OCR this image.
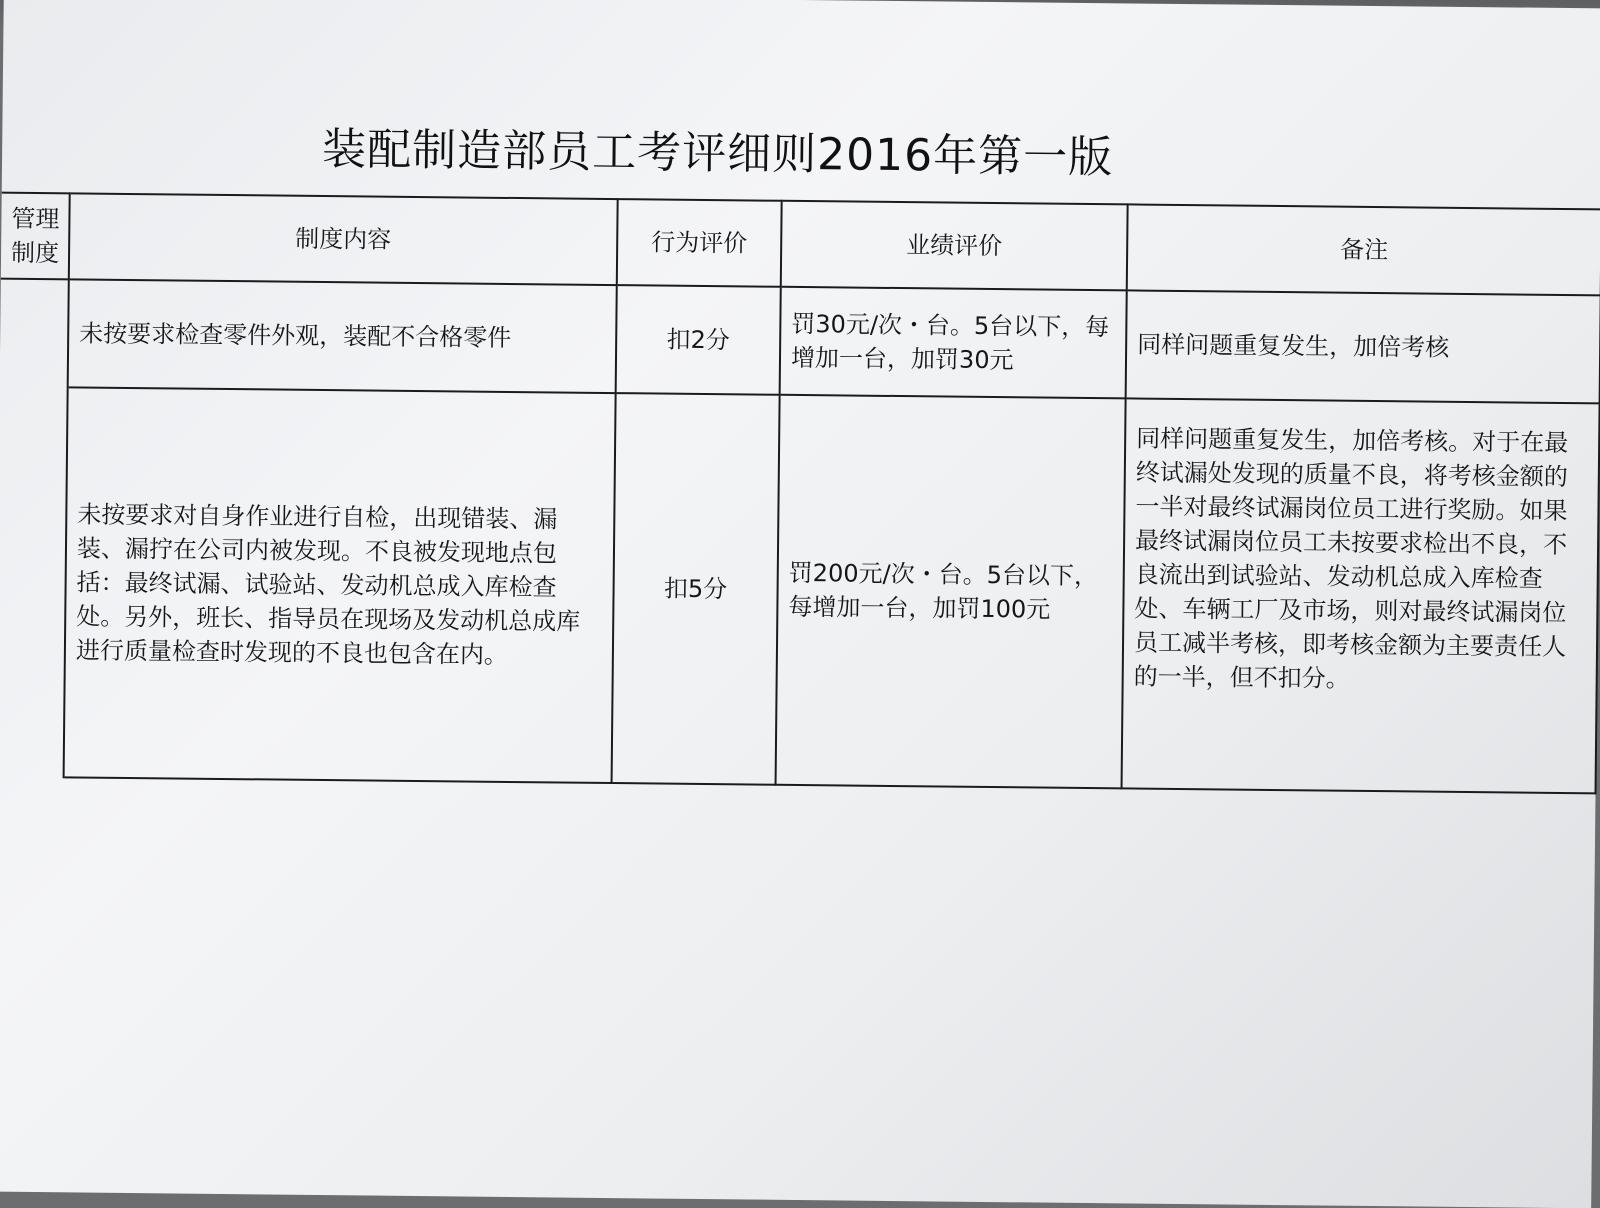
装配制造部员工考评细则2016年第一版
管理制度	制度内容	行为评价	业绩评价	备注
	未按要求检查零件外观，装配不合格零件	扣2分	罚30元/次・台。5台以下，每增加一台，加罚30元	同样问题重复发生，加倍考核
	未按要求对自身作业进行自检，出现错装、漏装、漏拧在公司内被发现。不良被发现地点包括：最终试漏、试验站、发动机总成入库检查处。另外，班长、指导员在现场及发动机总成库进行质量检查时发现的不良也包含在内。	扣5分	罚200元/次・台。5台以下，每增加一台，加罚100元	同样问题重复发生，加倍考核。对于在最终试漏处发现的质量不良，将考核金额的一半对最终试漏岗位员工进行奖励。如果最终试漏岗位员工未按要求检出不良，不良流出到试验站、发动机总成入库检查处、车辆工厂及市场，则对最终试漏岗位员工减半考核，即考核金额为主要责任人的一半，但不扣分。
